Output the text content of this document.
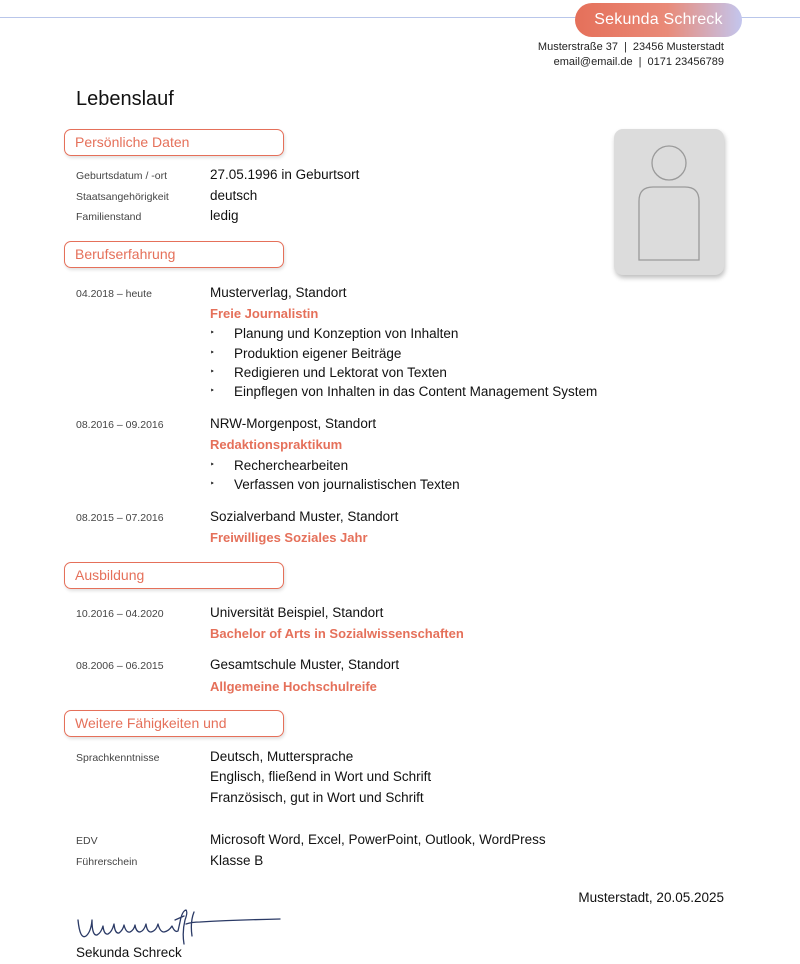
Sekunda Schreck
Musterstraße 37 | 23456 Musterstadt
email@email.de | 0171 23456789
Lebenslauf
Persönliche Daten
Geburtsdatum / -ort	27.05.1996 in Geburtsort
Staatsangehörigkeit	deutsch
Familienstand	ledig
Berufserfahrung
04.2018 – heute	Musterverlag, Standort
Freie Journalistin
‣ Planung und Konzeption von Inhalten
‣ Produktion eigener Beiträge
‣ Redigieren und Lektorat von Texten
‣ Einpflegen von Inhalten in das Content Management System
08.2016 – 09.2016	NRW-Morgenpost, Standort
Redaktionspraktikum
‣ Recherchearbeiten
‣ Verfassen von journalistischen Texten
08.2015 – 07.2016	Sozialverband Muster, Standort
Freiwilliges Soziales Jahr
Ausbildung
10.2016 – 04.2020	Universität Beispiel, Standort
Bachelor of Arts in Sozialwissenschaften
08.2006 – 06.2015	Gesamtschule Muster, Standort
Allgemeine Hochschulreife
Weitere Fähigkeiten und
Sprachkenntnisse	Deutsch, Muttersprache
Englisch, fließend in Wort und Schrift
Französisch, gut in Wort und Schrift
EDV	Microsoft Word, Excel, PowerPoint, Outlook, WordPress
Führerschein	Klasse B
Musterstadt, 20.05.2025
Sekunda Schreck
